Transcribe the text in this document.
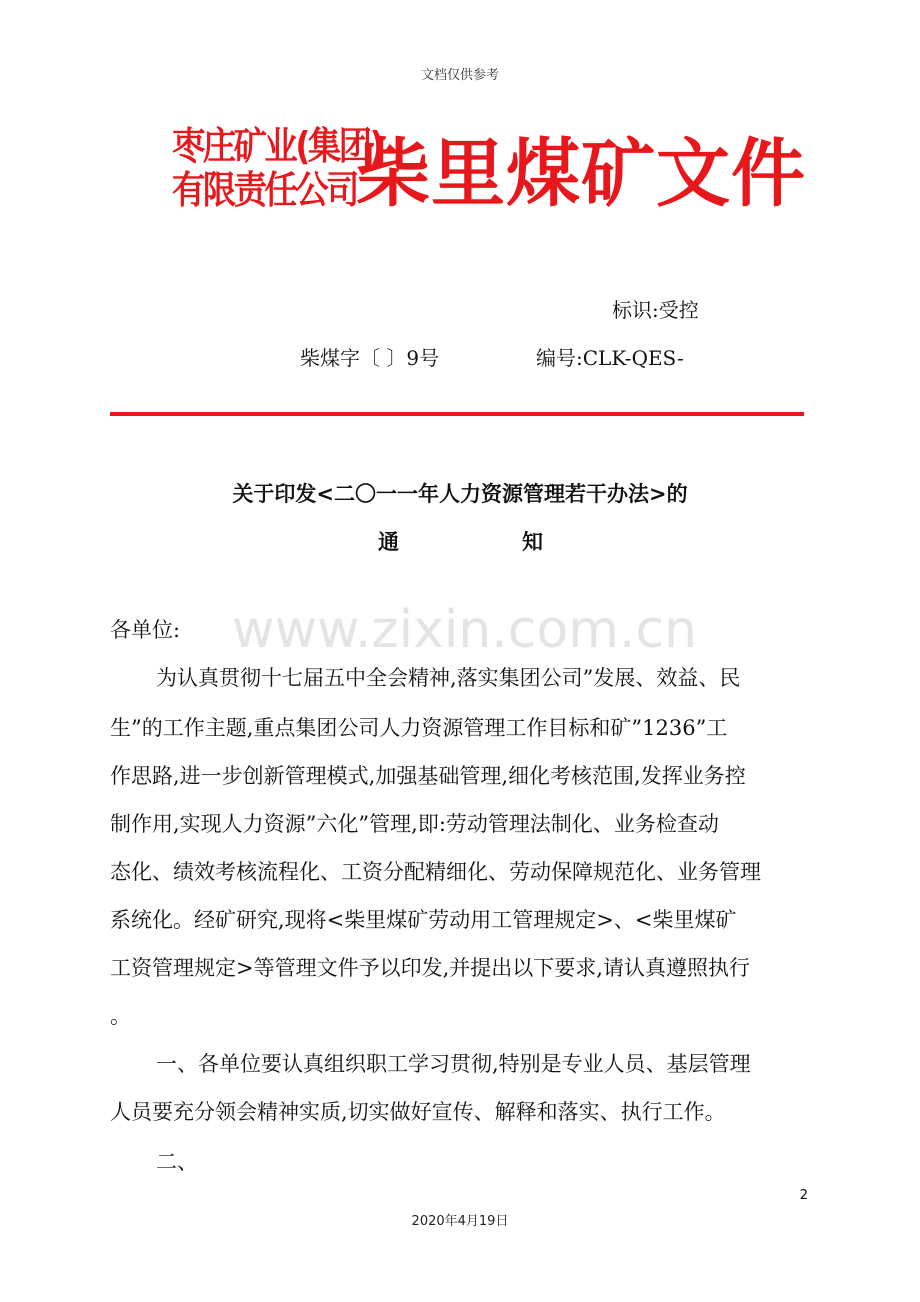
文档仅供参考
枣庄矿业(集团)
有限责任公司 柴里煤矿文件
标识:受控
柴煤字〔 〕9号	编号:CLK-QES-
关于印发<二〇一一年人力资源管理若干办法>的
通	知
www.zixin.com.cn
各单位:
为认真贯彻十七届五中全会精神,落实集团公司”发展、效益、民
生”的工作主题,重点集团公司人力资源管理工作目标和矿”1236”工
作思路,进一步创新管理模式,加强基础管理,细化考核范围,发挥业务控
制作用,实现人力资源”六化”管理,即:劳动管理法制化、业务检查动
态化、绩效考核流程化、工资分配精细化、劳动保障规范化、业务管理
系统化。经矿研究,现将<柴里煤矿劳动用工管理规定>、<柴里煤矿
工资管理规定>等管理文件予以印发,并提出以下要求,请认真遵照执行
。
一、各单位要认真组织职工学习贯彻,特别是专业人员、基层管理
人员要充分领会精神实质,切实做好宣传、解释和落实、执行工作。
二、
2
2020年4月19日
